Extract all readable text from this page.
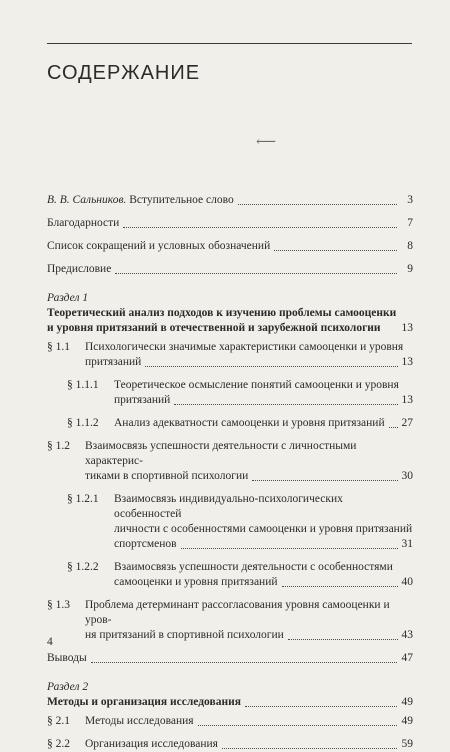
СОДЕРЖАНИЕ
⟵
В. В. Сальников. Вступительное слово	3
Благодарности	7
Список сокращений и условных обозначений	8
Предисловие	9
Раздел 1
Теоретический анализ подходов к изучению проблемы самооценки
и уровня притязаний в отечественной и зарубежной психологии 13
§ 1.1	Психологически значимые характеристики самооценки и уровня
притязаний	13
§ 1.1.1	Теоретическое осмысление понятий самооценки и уровня
притязаний	13
§ 1.1.2	Анализ адекватности самооценки и уровня притязаний 27
§ 1.2	Взаимосвязь успешности деятельности с личностными характерис-
тиками в спортивной психологии	30
§ 1.2.1	Взаимосвязь индивидуально-психологических особенностей
личности с особенностями самооценки и уровня притязаний
спортсменов	31
§ 1.2.2	Взаимосвязь успешности деятельности с особенностями
самооценки и уровня притязаний	40
§ 1.3	Проблема детерминант рассогласования уровня самооценки и уров-
ня притязаний в спортивной психологии	43
Выводы	47
Раздел 2
Методы и организация исследования	49
§ 2.1 Методы исследования	49
§ 2.2 Организация исследования	59
4
